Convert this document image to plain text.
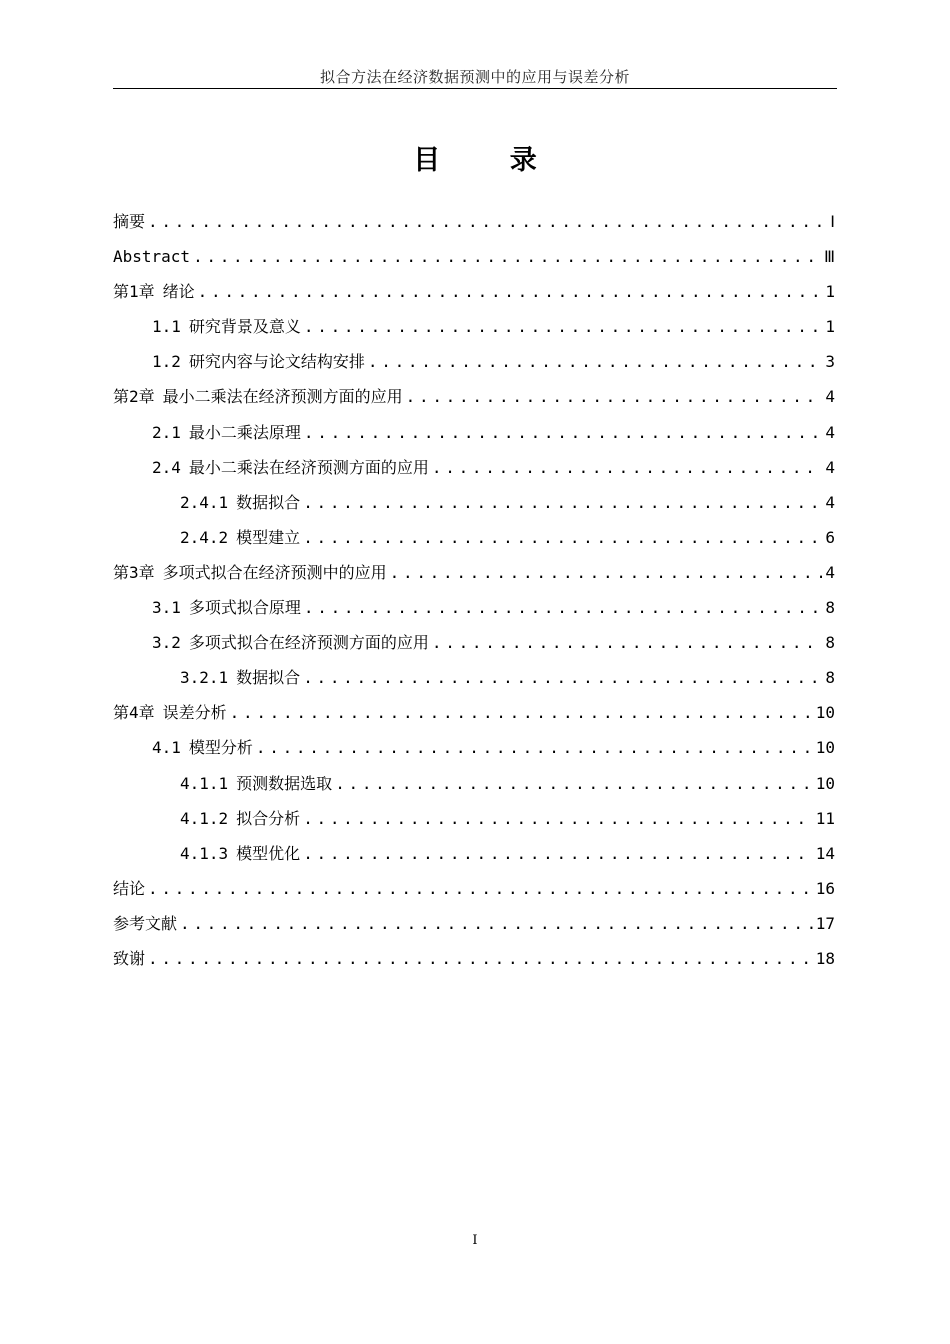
拟合方法在经济数据预测中的应用与误差分析
目 录
摘要 .....	Ⅰ
Abstract .....	Ⅲ
第1章 绪论 .....	1
1.1 研究背景及意义 .....	1
1.2 研究内容与论文结构安排 .....	3
第2章 最小二乘法在经济预测方面的应用 .....	4
2.1 最小二乘法原理 .....	4
2.4 最小二乘法在经济预测方面的应用 .....	4
2.4.1 数据拟合 .....	4
2.4.2 模型建立 .....	6
第3章 多项式拟合在经济预测中的应用 .....	4
3.1 多项式拟合原理 .....	8
3.2 多项式拟合在经济预测方面的应用 .....	8
3.2.1 数据拟合 .....	8
第4章 误差分析 .....	10
4.1 模型分析 .....	10
4.1.1 预测数据选取 .....	10
4.1.2 拟合分析 .....	11
4.1.3 模型优化 .....	14
结论 .....	16
参考文献 .....	17
致谢 .....	18
I
